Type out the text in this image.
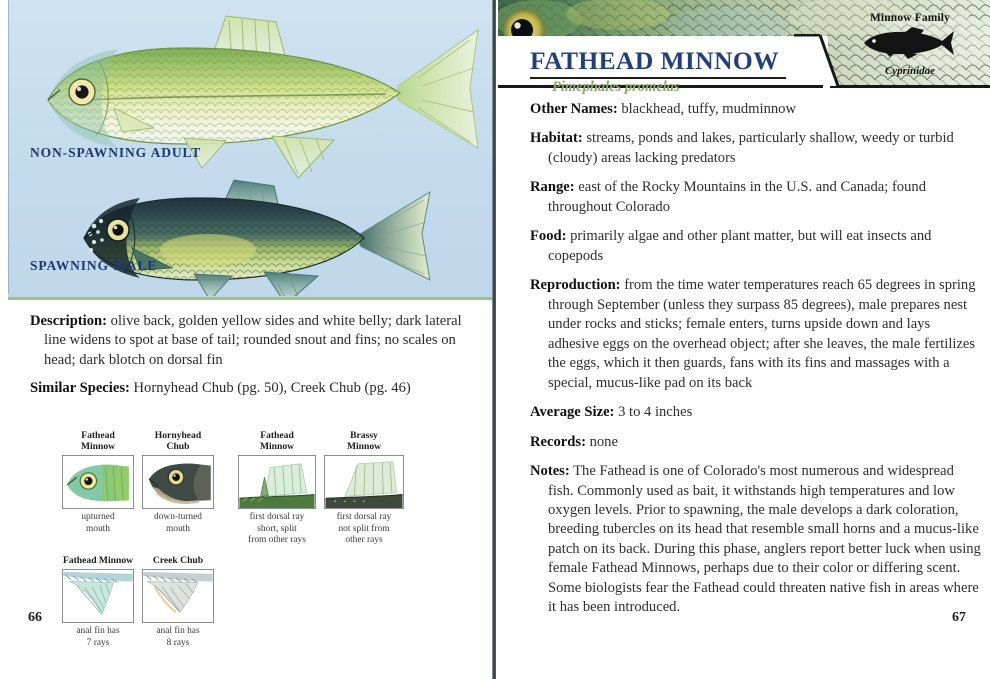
NON-SPAWNING ADULT
SPAWNING MALE
Description: olive back, golden yellow sides and white belly; dark lateral line widens to spot at base of tail; rounded snout and fins; no scales on head; dark blotch on dorsal fin
Similar Species: Hornyhead Chub (pg. 50), Creek Chub (pg. 46)
Fathead
Minnow
upturned
mouth
Hornyhead
Chub
down-turned
mouth
Fathead
Minnow
first dorsal ray
short, split
from other rays
Brassy
Minnow
first dorsal ray
not split from
other rays
Fathead Minnow
anal fin has
7 rays
Creek Chub
anal fin has
8 rays
66
FATHEAD MINNOW
Pimephales promelas
Minnow Family
Cyprinidae
Other Names: blackhead, tuffy, mudminnow
Habitat: streams, ponds and lakes, particularly shallow, weedy or turbid (cloudy) areas lacking predators
Range: east of the Rocky Mountains in the U.S. and Canada; found throughout Colorado
Food: primarily algae and other plant matter, but will eat insects and copepods
Reproduction: from the time water temperatures reach 65 degrees in spring through September (unless they surpass 85 degrees), male prepares nest under rocks and sticks; female enters, turns upside down and lays adhesive eggs on the overhead object; after she leaves, the male fertilizes the eggs, which it then guards, fans with its fins and massages with a special, mucus-like pad on its back
Average Size: 3 to 4 inches
Records: none
Notes: The Fathead is one of Colorado's most numerous and widespread fish. Commonly used as bait, it withstands high temperatures and low oxygen levels. Prior to spawning, the male develops a dark coloration, breeding tubercles on its head that resemble small horns and a mucus-like patch on its back. During this phase, anglers report better luck when using female Fathead Minnows, perhaps due to their color or differing scent. Some biologists fear the Fathead could threaten native fish in areas where it has been introduced.
67
